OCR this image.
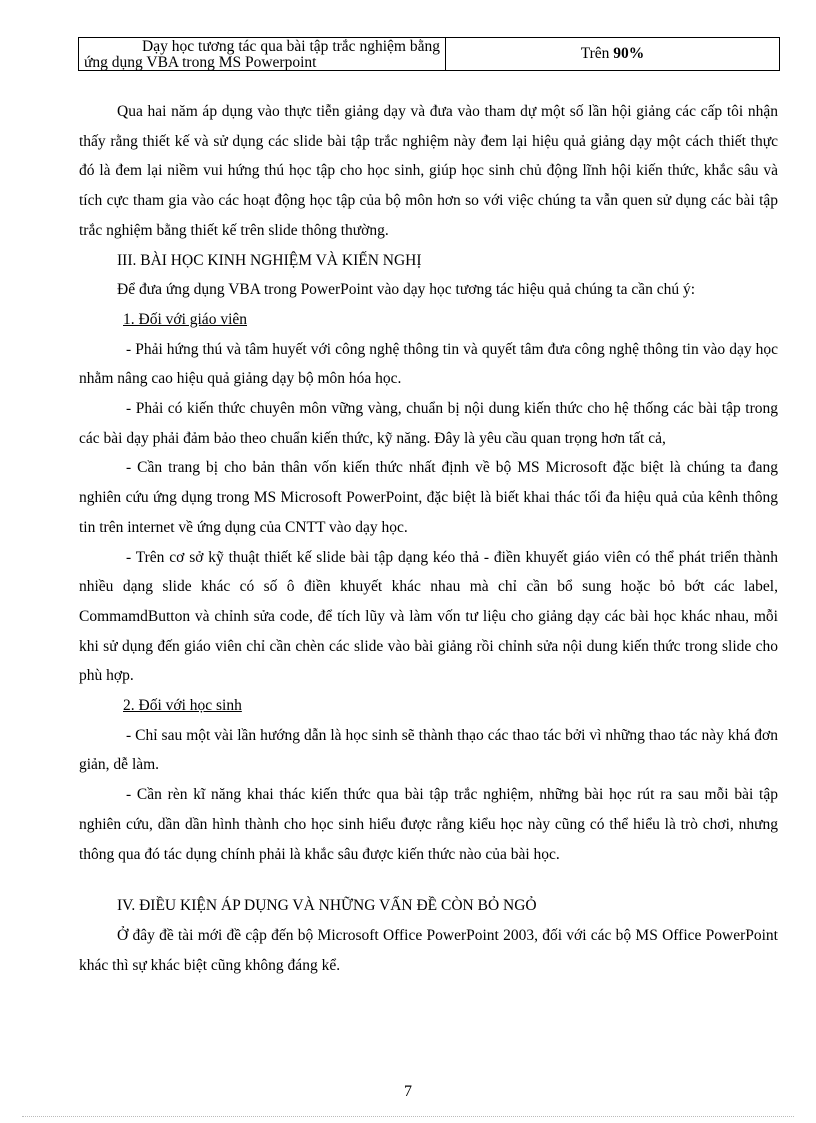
Dạy học tương tác qua bài tập trắc nghiệm bằng ứng dụng VBA trong MS Powerpoint	Trên 90%

Qua hai năm áp dụng vào thực tiễn giảng dạy và đưa vào tham dự một số lần hội giảng các cấp tôi nhận thấy rằng thiết kế và sử dụng các slide bài tập trắc nghiệm này đem lại hiệu quả giảng dạy một cách thiết thực đó là đem lại niềm vui hứng thú học tập cho học sinh, giúp học sinh chủ động lĩnh hội kiến thức, khắc sâu và tích cực tham gia vào các hoạt động học tập của bộ môn hơn so với việc chúng ta vẫn quen sử dụng các bài tập trắc nghiệm bằng thiết kế trên slide thông thường.

III. BÀI HỌC KINH NGHIỆM VÀ KIẾN NGHỊ

Để đưa ứng dụng VBA trong PowerPoint vào dạy học tương tác hiệu quả chúng ta cần chú ý:

1. Đối với giáo viên

- Phải hứng thú và tâm huyết với công nghệ thông tin và quyết tâm đưa công nghệ thông tin vào dạy học nhằm nâng cao hiệu quả giảng dạy bộ môn hóa học.

- Phải có kiến thức chuyên môn vững vàng, chuẩn bị nội dung kiến thức cho hệ thống các bài tập trong các bài dạy phải đảm bảo theo chuẩn kiến thức, kỹ năng. Đây là yêu cầu quan trọng hơn tất cả,

- Cần trang bị cho bản thân vốn kiến thức nhất định về bộ MS Microsoft đặc biệt là chúng ta đang nghiên cứu ứng dụng trong MS Microsoft PowerPoint, đặc biệt là biết khai thác tối đa hiệu quả của kênh thông tin trên internet về ứng dụng của CNTT vào dạy học.

- Trên cơ sở kỹ thuật thiết kế slide bài tập dạng kéo thả - điền khuyết giáo viên có thể phát triển thành nhiều dạng slide khác có số ô điền khuyết khác nhau mà chỉ cần bổ sung hoặc bỏ bớt các label, CommamdButton và chỉnh sửa code, để tích lũy và làm vốn tư liệu cho giảng dạy các bài học khác nhau, mỗi khi sử dụng đến giáo viên chỉ cần chèn các slide vào bài giảng rồi chỉnh sửa nội dung kiến thức trong slide cho phù hợp.

2. Đối với học sinh

- Chỉ sau một vài lần hướng dẫn là học sinh sẽ thành thạo các thao tác bởi vì những thao tác này khá đơn giản, dễ làm.

- Cần rèn kĩ năng khai thác kiến thức qua bài tập trắc nghiệm, những bài học rút ra sau mỗi bài tập nghiên cứu, dần dần hình thành cho học sinh hiểu được rằng kiểu học này cũng có thể hiểu là trò chơi, nhưng thông qua đó tác dụng chính phải là khắc sâu được kiến thức nào của bài học.

IV. ĐIỀU KIỆN ÁP DỤNG VÀ NHỮNG VẤN ĐỀ CÒN BỎ NGỎ

Ở đây đề tài mới đề cập đến bộ Microsoft Office PowerPoint 2003, đối với các bộ MS Office PowerPoint khác thì sự khác biệt cũng không đáng kể.

7
